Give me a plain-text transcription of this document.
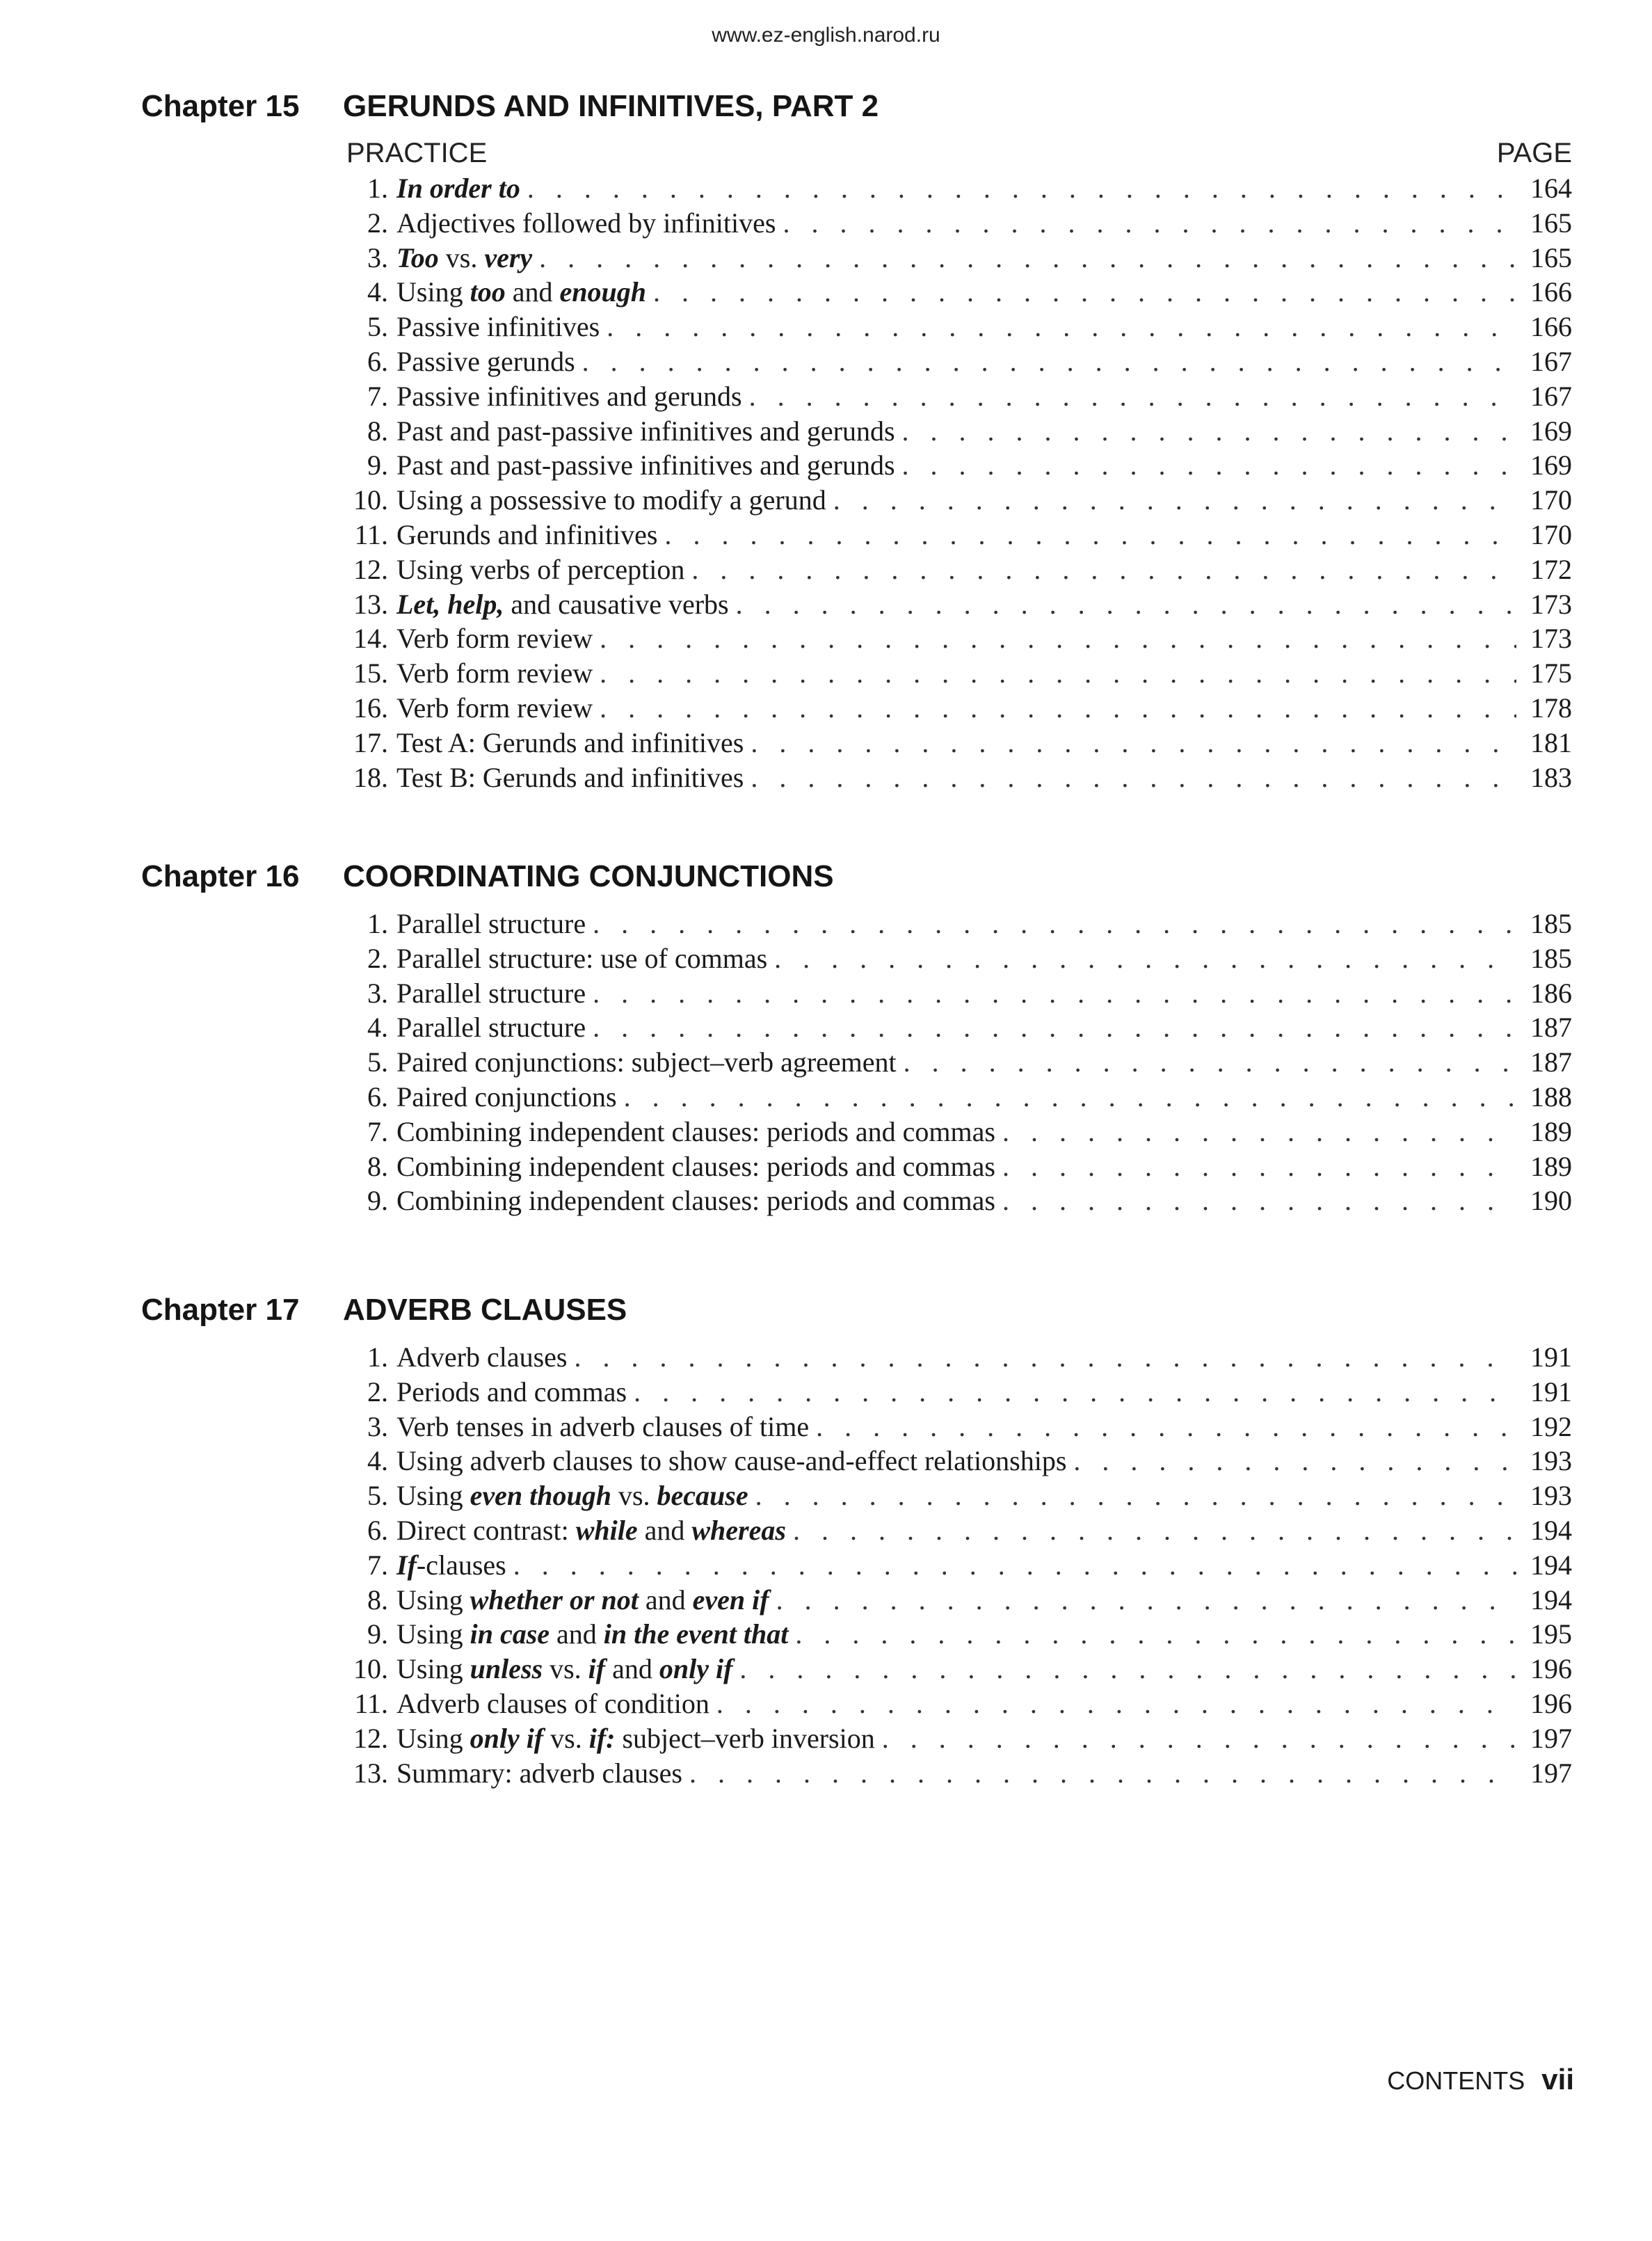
www.ez-english.narod.ru
Chapter 15 GERUNDS AND INFINITIVES, PART 2
PRACTICE	PAGE
1. In order to . . .	164
2. Adjectives followed by infinitives . . .	165
3. Too vs. very . . .	165
4. Using too and enough . . .	166
5. Passive infinitives . . .	166
6. Passive gerunds . . .	167
7. Passive infinitives and gerunds . . .	167
8. Past and past-passive infinitives and gerunds . . .	169
9. Past and past-passive infinitives and gerunds . . .	169
10. Using a possessive to modify a gerund . . .	170
11. Gerunds and infinitives . . .	170
12. Using verbs of perception . . .	172
13. Let, help, and causative verbs . . .	173
14. Verb form review . . .	173
15. Verb form review . . .	175
16. Verb form review . . .	178
17. Test A: Gerunds and infinitives . . .	181
18. Test B: Gerunds and infinitives . . .	183
Chapter 16 COORDINATING CONJUNCTIONS
1. Parallel structure . . .	185
2. Parallel structure: use of commas . . .	185
3. Parallel structure . . .	186
4. Parallel structure . . .	187
5. Paired conjunctions: subject–verb agreement . . .	187
6. Paired conjunctions . . .	188
7. Combining independent clauses: periods and commas . . .	189
8. Combining independent clauses: periods and commas . . .	189
9. Combining independent clauses: periods and commas . . .	190
Chapter 17 ADVERB CLAUSES
1. Adverb clauses . . .	191
2. Periods and commas . . .	191
3. Verb tenses in adverb clauses of time . . .	192
4. Using adverb clauses to show cause-and-effect relationships . . .	193
5. Using even though vs. because . . .	193
6. Direct contrast: while and whereas . . .	194
7. If-clauses . . .	194
8. Using whether or not and even if . . .	194
9. Using in case and in the event that . . .	195
10. Using unless vs. if and only if . . .	196
11. Adverb clauses of condition . . .	196
12. Using only if vs. if: subject–verb inversion . . .	197
13. Summary: adverb clauses . . .	197
CONTENTS vii
